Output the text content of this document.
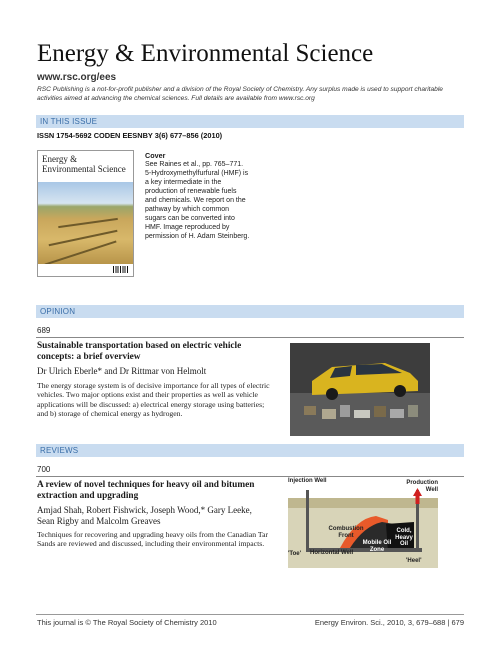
Energy & Environmental Science
www.rsc.org/ees
RSC Publishing is a not-for-profit publisher and a division of the Royal Society of Chemistry. Any surplus made is used to support charitable activities aimed at advancing the chemical sciences. Full details are available from www.rsc.org
IN THIS ISSUE
ISSN 1754-5692 CODEN EESNBY 3(6) 677–856 (2010)
Energy & Environmental Science
Cover
See Raines et al., pp. 765–771. 5-Hydroxymethylfurfural (HMF) is a key intermediate in the production of renewable fuels and chemicals. We report on the pathway by which common sugars can be converted into HMF. Image reproduced by permission of H. Adam Steinberg.
OPINION
689
Sustainable transportation based on electric vehicle concepts: a brief overview
Dr Ulrich Eberle* and Dr Rittmar von Helmolt
The energy storage system is of decisive importance for all types of electric vehicles. Two major options exist and their properties as well as vehicle applications will be discussed: a) electrical energy storage using batteries; and b) storage of chemical energy as hydrogen.
REVIEWS
700
A review of novel techniques for heavy oil and bitumen extraction and upgrading
Amjad Shah, Robert Fishwick, Joseph Wood,* Gary Leeke, Sean Rigby and Malcolm Greaves
Techniques for recovering and upgrading heavy oils from the Canadian Tar Sands are reviewed and discussed, including their environmental impacts.
Injection Well	Production Well
Combustion Front
Cold, Heavy Oil
Mobile Oil Zone
'Toe' Horizontal Well
'Heel'
This journal is © The Royal Society of Chemistry 2010	Energy Environ. Sci., 2010, 3, 679–688 | 679
